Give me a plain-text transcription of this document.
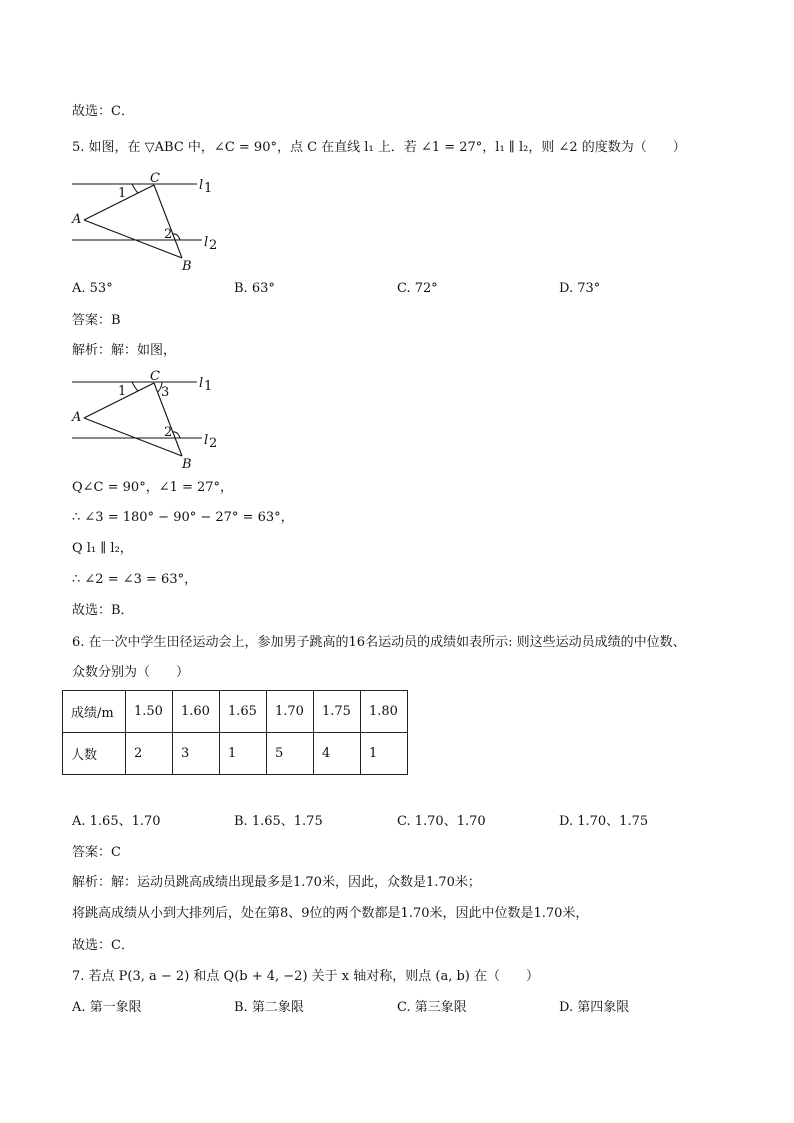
故选：C．
5. 如图，在 ▽ABC 中，∠C = 90°，点 C 在直线 l₁ 上．若 ∠1 = 27°，l₁ ∥ l₂，则 ∠2 的度数为（　　）
C
A
B
1
2
l 1
l 2
A. 53°	B. 63°	C. 72°	D. 73°
答案：B
解析：解：如图，
C
A
B
1	3
2
l 1
l 2
Q∠C = 90°，∠1 = 27°，
∴ ∠3 = 180° − 90° − 27° = 63°，
Q l₁ ∥ l₂，
∴ ∠2 = ∠3 = 63°，
故选：B．
6. 在一次中学生田径运动会上，参加男子跳高的16名运动员的成绩如表所示: 则这些运动员成绩的中位数、
众数分别为（　　）
成绩/m	1.50	1.60	1.65	1.70	1.75	1.80
人数	2	3	1	5	4	1
A. 1.65、1.70	B. 1.65、1.75	C. 1.70、1.70	D. 1.70、1.75
答案：C
解析：解：运动员跳高成绩出现最多是1.70米，因此，众数是1.70米；
将跳高成绩从小到大排列后，处在第8、9位的两个数都是1.70米，因此中位数是1.70米，
故选：C．
7. 若点 P(3, a − 2) 和点 Q(b + 4, −2) 关于 x 轴对称，则点 (a, b) 在（　　）
A. 第一象限	B. 第二象限	C. 第三象限	D. 第四象限
